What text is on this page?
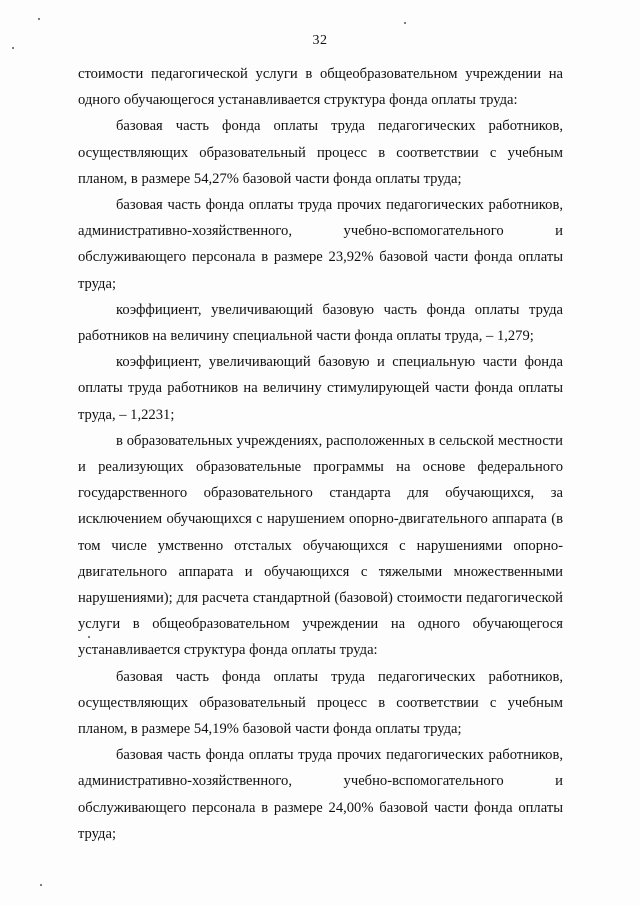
32

стоимости педагогической услуги в общеобразовательном учреждении на одного обучающегося устанавливается структура фонда оплаты труда:

базовая часть фонда оплаты труда педагогических работников, осуществляющих образовательный процесс в соответствии с учебным планом, в размере 54,27% базовой части фонда оплаты труда;

базовая часть фонда оплаты труда прочих педагогических работников, административно-хозяйственного, учебно-вспомогательного и обслуживающего персонала в размере 23,92% базовой части фонда оплаты труда;

коэффициент, увеличивающий базовую часть фонда оплаты труда работников на величину специальной части фонда оплаты труда, – 1,279;

коэффициент, увеличивающий базовую и специальную части фонда оплаты труда работников на величину стимулирующей части фонда оплаты труда, – 1,2231;

в образовательных учреждениях, расположенных в сельской местности и реализующих образовательные программы на основе федерального государственного образовательного стандарта для обучающихся, за исключением обучающихся с нарушением опорно-двигательного аппарата (в том числе умственно отсталых обучающихся с нарушениями опорно-двигательного аппарата и обучающихся с тяжелыми множественными нарушениями); для расчета стандартной (базовой) стоимости педагогической услуги в общеобразовательном учреждении на одного обучающегося устанавливается структура фонда оплаты труда:

базовая часть фонда оплаты труда педагогических работников, осуществляющих образовательный процесс в соответствии с учебным планом, в размере 54,19% базовой части фонда оплаты труда;

базовая часть фонда оплаты труда прочих педагогических работников, административно-хозяйственного, учебно-вспомогательного и обслуживающего персонала в размере 24,00% базовой части фонда оплаты труда;
